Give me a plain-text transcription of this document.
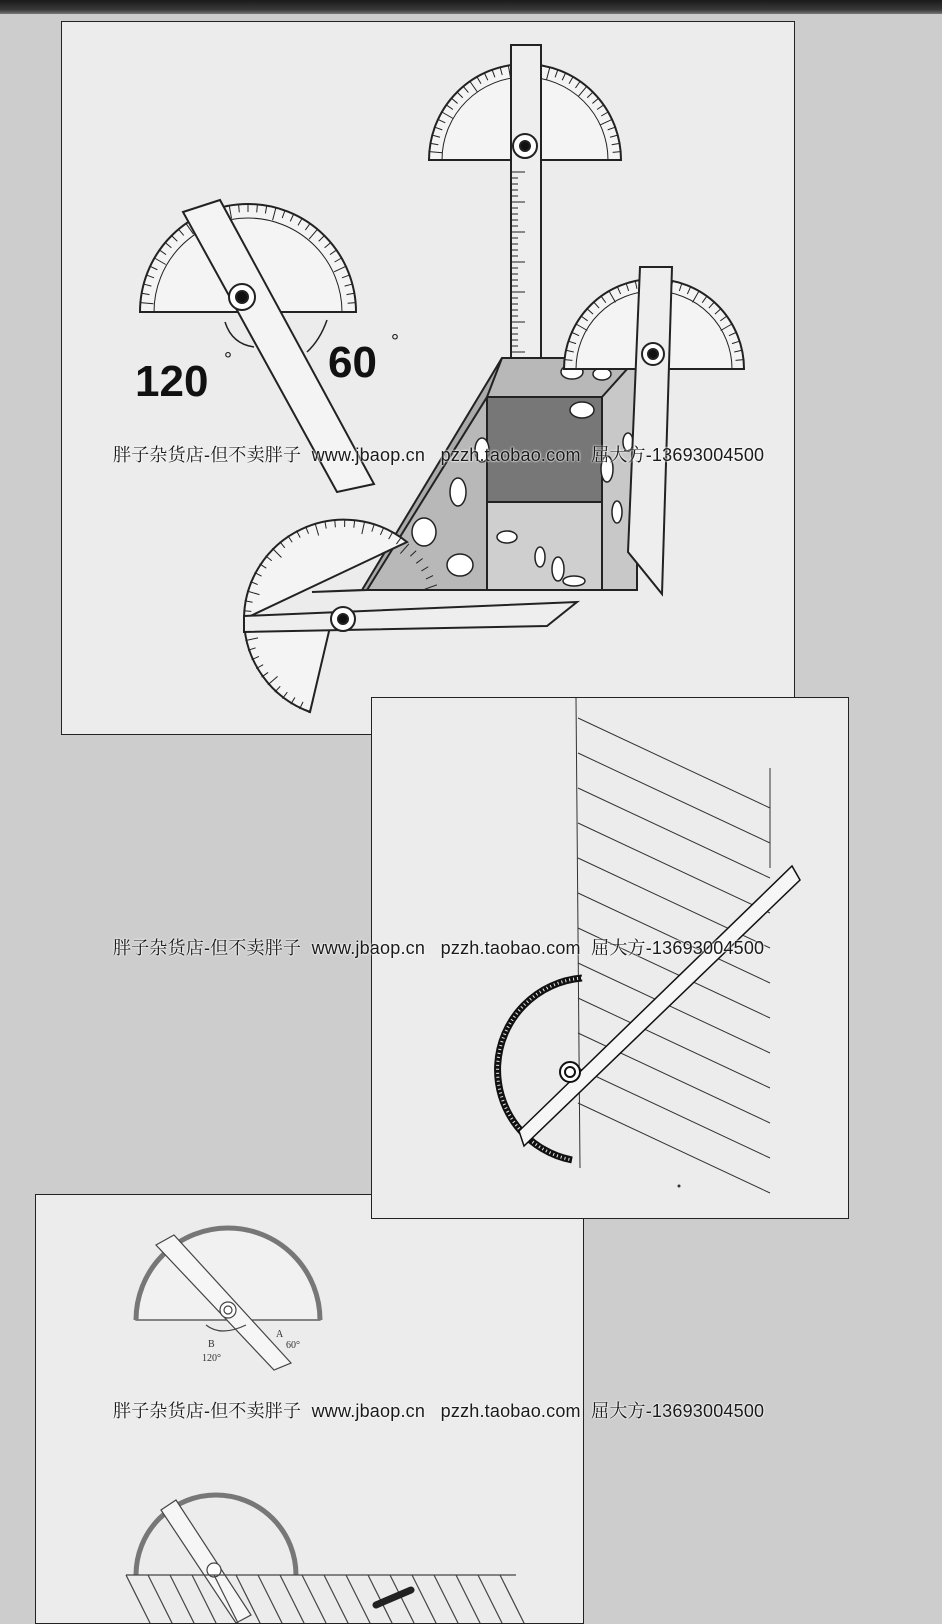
120 ° 60 °
B
120°
A
60°
胖子杂货店-但不卖胖子  www.jbaop.cn   pzzh.taobao.com  屈大方-13693004500
胖子杂货店-但不卖胖子  www.jbaop.cn   pzzh.taobao.com  屈大方-13693004500
胖子杂货店-但不卖胖子  www.jbaop.cn   pzzh.taobao.com  屈大方-13693004500
